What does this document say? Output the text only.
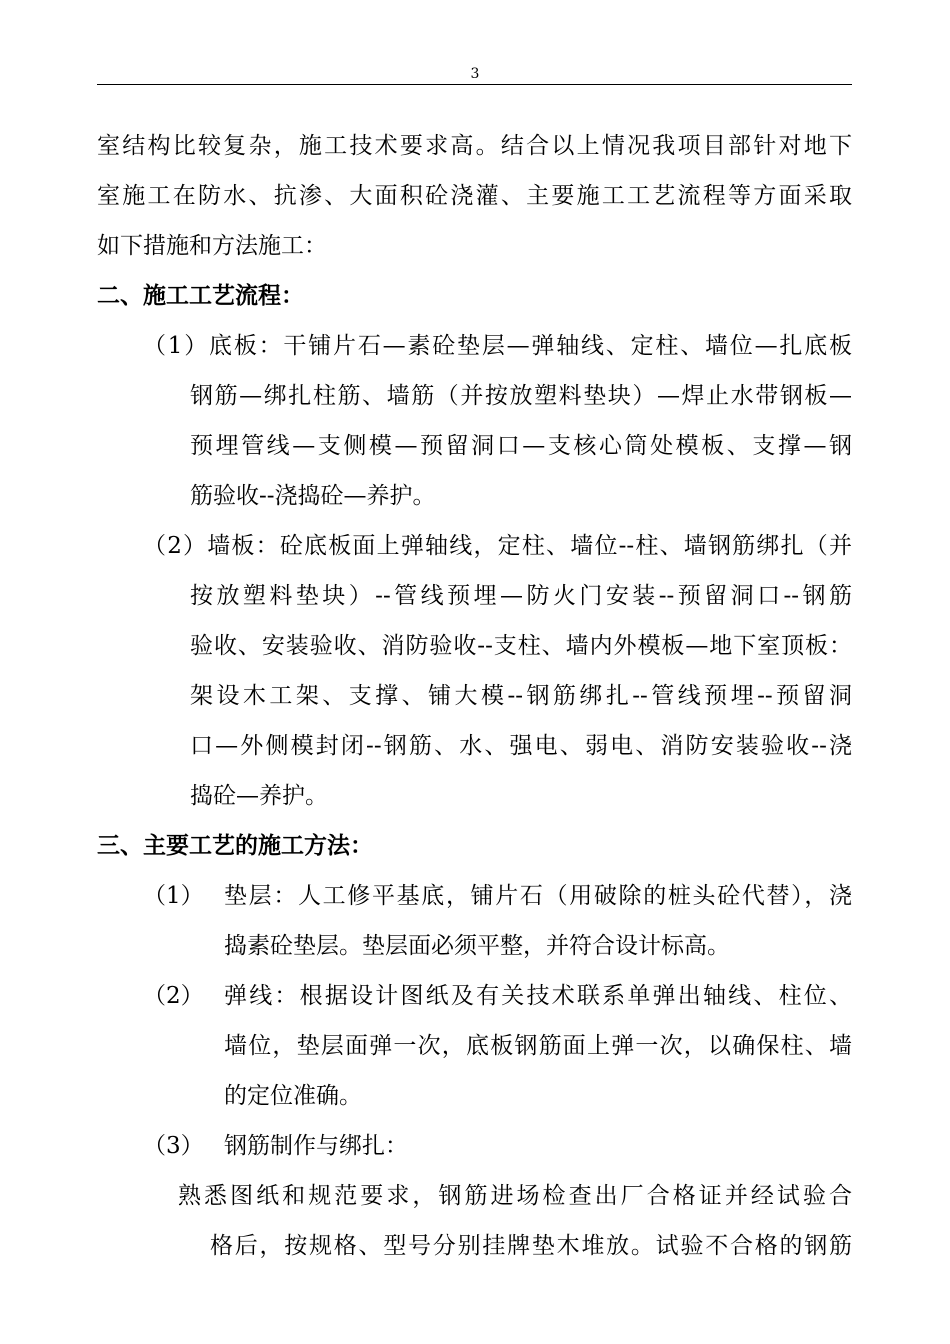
3
室结构比较复杂，施工技术要求高。结合以上情况我项目部针对地下
室施工在防水、抗渗、大面积砼浇灌、主要施工工艺流程等方面采取
如下措施和方法施工：
二、施工工艺流程：
（1）底板：干铺片石—素砼垫层—弹轴线、定柱、墙位—扎底板
钢筋—绑扎柱筋、墙筋（并按放塑料垫块）—焊止水带钢板—
预埋管线—支侧模—预留洞口—支核心筒处模板、支撑—钢
筋验收--浇捣砼—养护。
（2）墙板：砼底板面上弹轴线，定柱、墙位--柱、墙钢筋绑扎（并
按放塑料垫块）--管线预埋—防火门安装--预留洞口--钢筋
验收、安装验收、消防验收--支柱、墙内外模板—地下室顶板：
架设木工架、支撑、铺大模--钢筋绑扎--管线预埋--预留洞
口—外侧模封闭--钢筋、水、强电、弱电、消防安装验收--浇
捣砼—养护。
三、主要工艺的施工方法：
（1） 垫层：人工修平基底，铺片石（用破除的桩头砼代替），浇
捣素砼垫层。垫层面必须平整，并符合设计标高。
（2） 弹线：根据设计图纸及有关技术联系单弹出轴线、柱位、
墙位，垫层面弹一次，底板钢筋面上弹一次，以确保柱、墙
的定位准确。
（3） 钢筋制作与绑扎：
熟悉图纸和规范要求，钢筋进场检查出厂合格证并经试验合
格后，按规格、型号分别挂牌垫木堆放。试验不合格的钢筋
